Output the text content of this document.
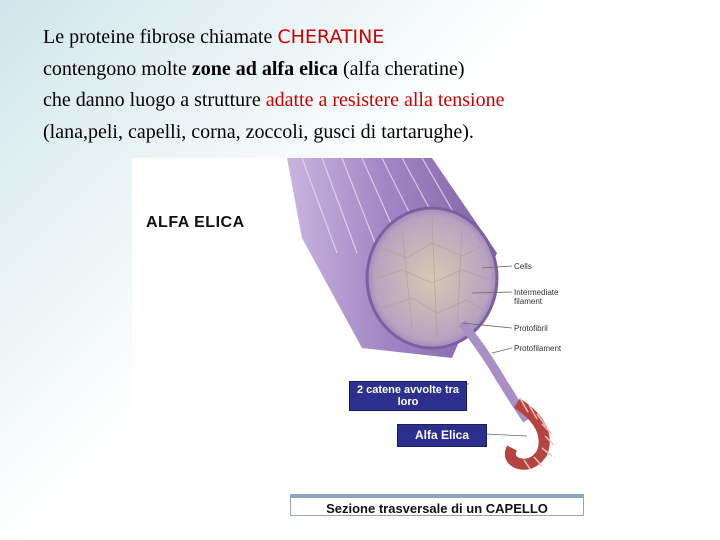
Le proteine fibrose chiamate CHERATINE
contengono molte zone ad alfa elica (alfa cheratine)
che danno luogo a strutture adatte a resistere alla tensione
(lana,peli, capelli, corna, zoccoli, gusci di tartarughe).
ALFA ELICA
Cells
Intermediate filament
Protofibril
Protofilament
2 catene avvolte tra loro
Alfa Elica
Sezione trasversale di un CAPELLO
